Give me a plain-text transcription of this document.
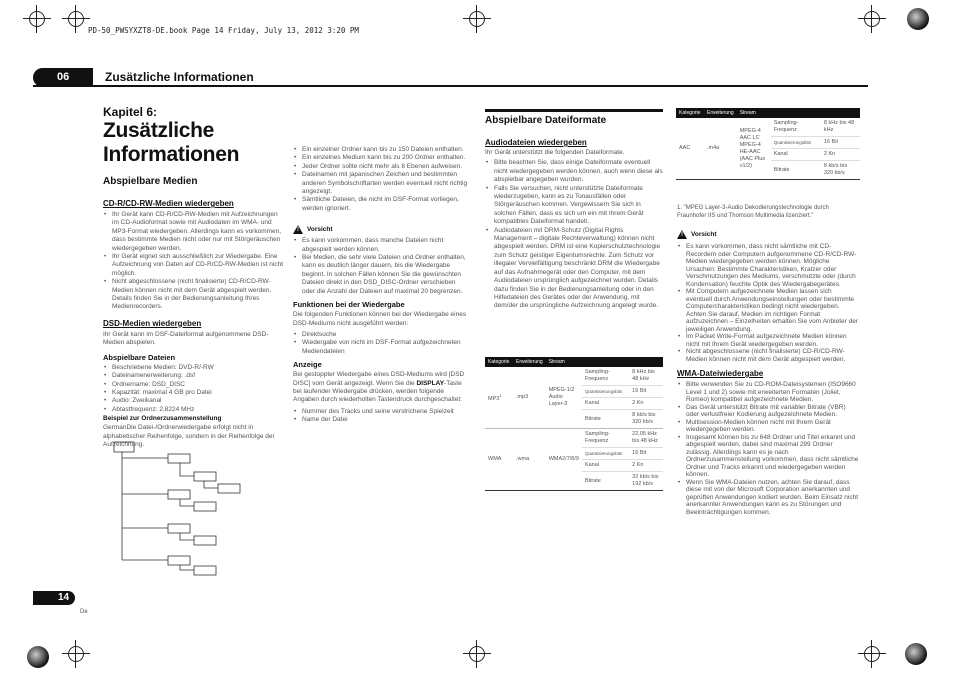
PD-50_PWSYXZT8-DE.book Page 14 Friday, July 13, 2012 3:20 PM
06	Zusätzliche Informationen
Kapitel 6:
Zusätzliche Informationen
Abspielbare Medien
CD-R/CD-RW-Medien wiedergeben
• Ihr Gerät kann CD-R/CD-RW-Medien mit Aufzeichnungen im CD-Audioformat sowie mit Audiodaten im WMA- und MP3-Format wiedergeben. Allerdings kann es vorkommen, dass bestimmte Medien nicht oder nur mit Störgeräuschen wiedergegeben werden.
• Ihr Gerät eignet sich ausschließlich zur Wiedergabe. Eine Aufzeichnung von Daten auf CD-R/CD-RW-Medien ist nicht möglich.
• Nicht abgeschlossene (nicht finalisierte) CD-R/CD-RW-Medien können nicht mit dem Gerät abgespielt werden. Details finden Sie in der Bedienungsanleitung Ihres Medienrecorders.
DSD-Medien wiedergeben
Ihr Gerät kann im DSF-Dateiformat aufgenommene DSD-Medien abspielen.
Abspielbare Dateien
• Beschriebene Medien: DVD-R/-RW
• Dateinamenerweiterung: .dsf
• Ordnername: DSD_DISC
• Kapazität: maximal 4 GB pro Datei
• Audio: Zweikanal
• Abtastfrequenz: 2,8224 MHz
Beispiel zur Ordnerzusammenstellung
GermanDie Datei-/Ordnerwiedergabe erfolgt nicht in alphabetischer Reihenfolge, sondern in der Reihenfolge der Aufzeichnung.
• Ein einzelner Ordner kann bis zu 150 Dateien enthalten.
• Ein einzelnes Medium kann bis zu 200 Ordner enthalten.
• Jeder Ordner sollte nicht mehr als 8 Ebenen aufweisen.
• Dateinamen mit japanischen Zeichen und bestimmten anderen Symbolschriftarten werden eventuell nicht richtig angezeigt.
• Sämtliche Dateien, die nicht im DSF-Format vorliegen, werden ignoriert.
! Vorsicht
• Es kann vorkommen, dass manche Dateien nicht abgespielt werden können.
• Bei Medien, die sehr viele Dateien und Ordner enthalten, kann es deutlich länger dauern, bis die Wiedergabe beginnt. In solchen Fällen können Sie die gewünschten Dateien direkt in den DSD_DISC-Ordner verschieben oder die Anzahl der Dateien auf maximal 20 begrenzen.
Funktionen bei der Wiedergabe
Die folgenden Funktionen können bei der Wiedergabe eines DSD-Mediums nicht ausgeführt werden:
• Direktsuche
• Wiedergabe von nicht im DSF-Format aufgezeichneten Mediendateien
Anzeige
Bei gestoppter Wiedergabe eines DSD-Mediums wird [DSD DISC] vom Gerät angezeigt. Wenn Sie die DISPLAY-Taste bei laufender Wiedergabe drücken, werden folgende Angaben durch wiederholten Tastendruck durchgeschaltet:
• Nummer des Tracks und seine verstrichene Spielzeit
• Name der Datei
Abspielbare Dateiformate
Audiodateien wiedergeben
Ihr Gerät unterstützt die folgenden Dateiformate.
• Bitte beachten Sie, dass einige Dateiformate eventuell nicht wiedergegeben werden können, auch wenn diese als abspielbar angegeben wurden.
• Falls Sie versuchen, nicht unterstützte Dateiformate wiederzugeben, kann es zu Tonausfällen oder Störgeräuschen kommen. Vergewissern Sie sich in solchen Fällen, dass es sich um ein mit Ihrem Gerät kompatibles Dateiformat handelt.
• Audiodateien mit DRM-Schutz (Digital Rights Management – digitale Rechteverwaltung) können nicht abgespielt werden. DRM ist eine Kopierschutztechnologie zum Schutz geistiger Eigentumsrechte. Zum Schutz vor illegaler Vervielfältigung beschränkt DRM die Wiedergabe auf das Aufnahmegerät oder den Computer, mit dem Audiodateien ursprünglich aufgezeichnet wurden. Details dazu finden Sie in der Bedienungsanleitung oder in den Hilfedateien des Gerätes oder der Anwendung, mit dem/der die ursprüngliche Aufzeichnung angelegt wurde.
Kategorie	Erweiterung	Stream		
$MP3^1$	.mp3	MPEG-1/2 Audio Layer-3	Sampling-Frequenz	8 kHz bis 48 kHz
			Quantisierungsbits	16 Bit
			Kanal	2 Kn
			Bitrate	8 kb/s bis 320 kb/s
WMA	.wma	WMA2/7/8/9	Sampling-Frequenz	22,05 kHz bis 48 kHz
			Quantisierungsbits	16 Bit
			Kanal	2 Kn
			Bitrate	32 kb/s bis 192 kb/s
Kategorie	Erweiterung	Stream		
AAC	.m4a	MPEG-4 AAC LC MPEG-4 HE-AAC (AAC Plus v1/2)	Sampling-Frequenz	8 kHz bis 48 kHz
			Quantisierungsbits	16 Bit
			Kanal	2 Kn
			Bitrate	8 kb/s bis 320 kb/s
1. "MPEG Layer-3-Audio Dekodierungstechnologie durch Fraunhofer IIS und Thomson Multimedia lizenziert."
! Vorsicht
• Es kann vorkommen, dass nicht sämtliche mit CD-Recordern oder Computern aufgenommene CD-R/CD-RW-Medien wiedergegeben werden können. Mögliche Ursachen: Bestimmte Charakteristiken, Kratzer oder Verschmutzungen des Mediums, verschmutzte oder (durch Kondensation) feuchte Optik des Wiedergabegerätes.
• Mit Computern aufgezeichnete Medien lassen sich eventuell durch Anwendungseinstellungen oder bestimmte Computercharakteristiken bedingt nicht wiedergeben. Achten Sie darauf, Medien im richtigen Format aufzuzeichnen – Einzelheiten erhalten Sie vom Anbieter der jeweiligen Anwendung.
• Im Packet Write-Format aufgezeichnete Medien können nicht mit Ihrem Gerät wiedergegeben werden.
• Nicht abgeschlossene (nicht finalisierte) CD-R/CD-RW-Medien können nicht mit dem Gerät abgespielt werden.
WMA-Dateiwiedergabe
• Bitte verwenden Sie zu CD-ROM-Dateisystemen (ISO9660 Level 1 und 2) sowie mit erweiterten Formaten (Joliet, Romeo) kompatibel aufgezeichnete Medien.
• Das Gerät unterstützt Bitrate mit variabler Bitrate (VBR) oder verlustfreier Kodierung aufgezeichnete Medien.
• Multisession-Medien können nicht mit Ihrem Gerät wiedergegeben werden.
• Insgesamt können bis zu 648 Ordner und Titel erkannt und abgespielt werden, dabei sind maximal 299 Ordner zulässig. Allerdings kann es je nach Ordnerzusammenstellung vorkommen, dass nicht sämtliche Ordner und Tracks erkannt und wiedergegeben werden können.
• Wenn Sie WMA-Dateien nutzen, achten Sie darauf, dass diese mit von der Microsoft Corporation anerkannten und geprüften Anwendungen kodiert wurden. Beim Einsatz nicht anerkannter Anwendungen kann es zu Störungen und Beeinträchtigungen kommen.
14
De
